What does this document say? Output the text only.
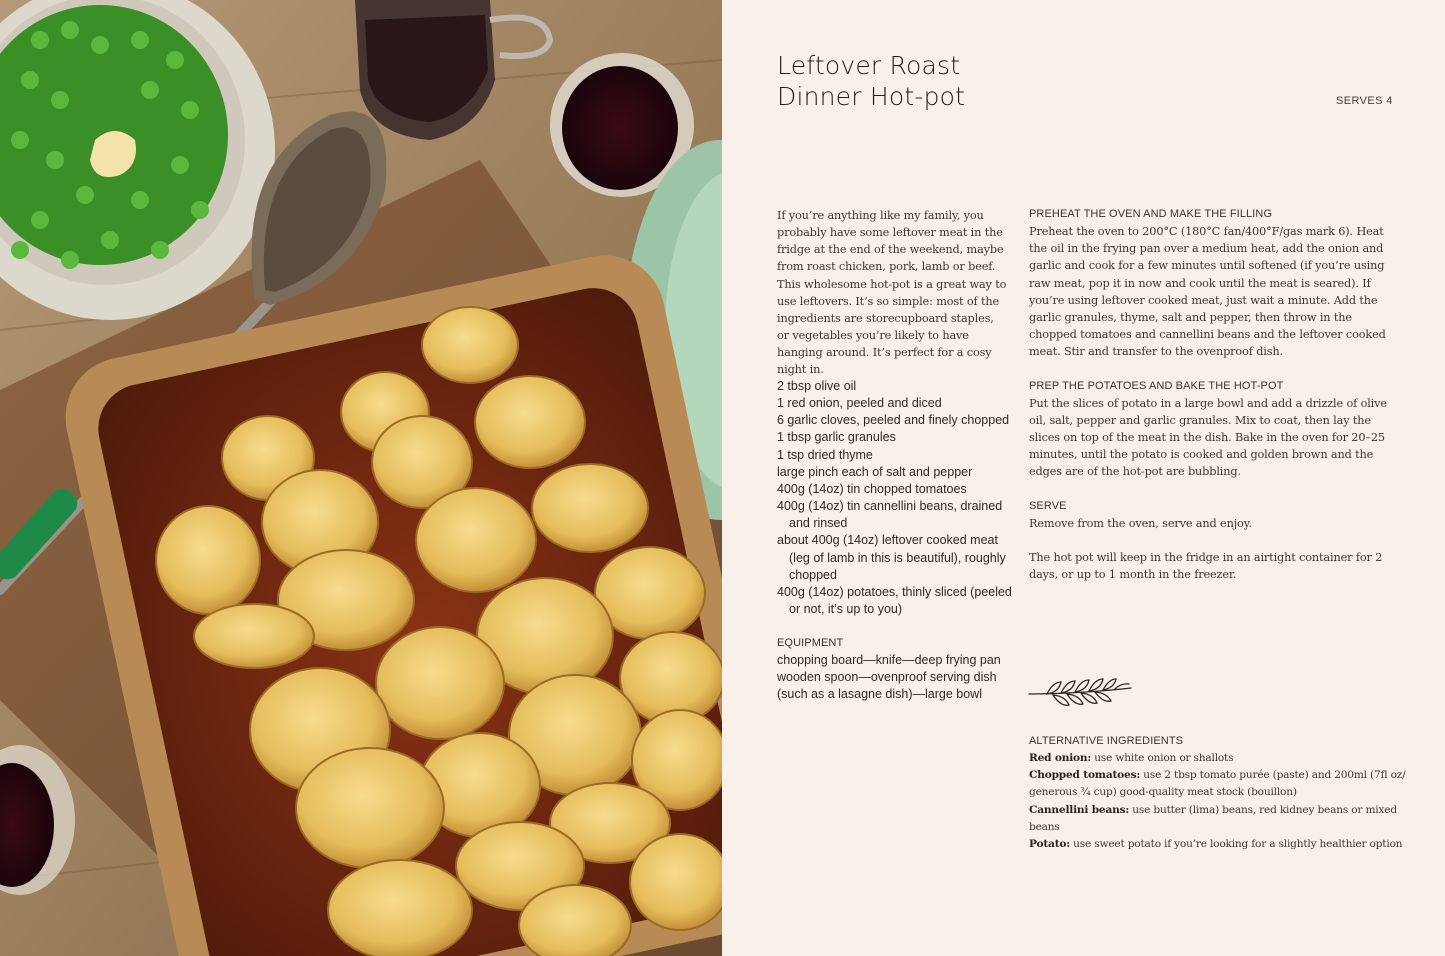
Leftover Roast
Dinner Hot-pot	SERVES 4

If you’re anything like my family, you probably have some leftover meat in the fridge at the end of the weekend, maybe from roast chicken, pork, lamb or beef. This wholesome hot-pot is a great way to use leftovers. It’s so simple: most of the ingredients are storecupboard staples, or vegetables you’re likely to have hanging around. It’s perfect for a cosy night in.

2 tbsp olive oil
1 red onion, peeled and diced
6 garlic cloves, peeled and finely chopped
1 tbsp garlic granules
1 tsp dried thyme
large pinch each of salt and pepper
400g (14oz) tin chopped tomatoes
400g (14oz) tin cannellini beans, drained and rinsed
about 400g (14oz) leftover cooked meat (leg of lamb in this is beautiful), roughly chopped
400g (14oz) potatoes, thinly sliced (peeled or not, it’s up to you)
EQUIPMENT
chopping board—knife—deep frying pan
wooden spoon—ovenproof serving dish
(such as a lasagne dish)—large bowl
PREHEAT THE OVEN AND MAKE THE FILLING

Preheat the oven to 200°C (180°C fan/400°F/gas mark 6). Heat the oil in the frying pan over a medium heat, add the onion and garlic and cook for a few minutes until softened (if you’re using raw meat, pop it in now and cook until the meat is seared). If you’re using leftover cooked meat, just wait a minute. Add the garlic granules, thyme, salt and pepper, then throw in the chopped tomatoes and cannellini beans and the leftover cooked meat. Stir and transfer to the ovenproof dish.

PREP THE POTATOES AND BAKE THE HOT-POT

Put the slices of potato in a large bowl and add a drizzle of olive oil, salt, pepper and garlic granules. Mix to coat, then lay the slices on top of the meat in the dish. Bake in the oven for 20–25 minutes, until the potato is cooked and golden brown and the edges are of the hot-pot are bubbling.

SERVE

Remove from the oven, serve and enjoy.

The hot pot will keep in the fridge in an airtight container for 2 days, or up to 1 month in the freezer.

ALTERNATIVE INGREDIENTS

Red onion: use white onion or shallots

Chopped tomatoes: use 2 tbsp tomato purée (paste) and 200ml (7fl oz/ generous ¾ cup) good-quality meat stock (bouillon)

Cannellini beans: use butter (lima) beans, red kidney beans or mixed beans

Potato: use sweet potato if you’re looking for a slightly healthier option
